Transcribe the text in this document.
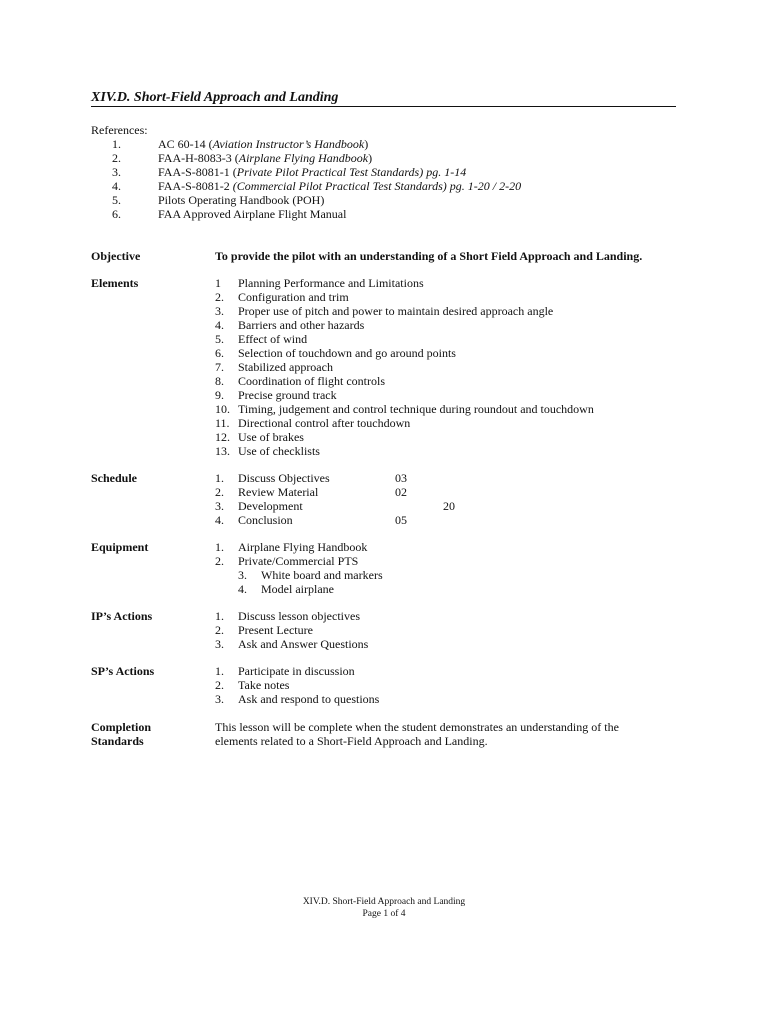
XIV.D. Short-Field Approach and Landing
References:
1.	AC 60-14 (Aviation Instructor’s Handbook)
2.	FAA-H-8083-3 (Airplane Flying Handbook)
3.	FAA-S-8081-1 (Private Pilot Practical Test Standards) pg. 1-14
4.	FAA-S-8081-2 (Commercial Pilot Practical Test Standards) pg. 1-20 / 2-20
5.	Pilots Operating Handbook (POH)
6.	FAA Approved Airplane Flight Manual
Objective	To provide the pilot with an understanding of a Short Field Approach and Landing.
Elements	1 Planning Performance and Limitations
2. Configuration and trim
3. Proper use of pitch and power to maintain desired approach angle
4. Barriers and other hazards
5. Effect of wind
6. Selection of touchdown and go around points
7. Stabilized approach
8. Coordination of flight controls
9. Precise ground track
10. Timing, judgement and control technique during roundout and touchdown
11. Directional control after touchdown
12. Use of brakes
13. Use of checklists
Schedule	1. Discuss Objectives	03
2. Review Material	02
3. Development	20
4. Conclusion	05
Equipment	1. Airplane Flying Handbook
2. Private/Commercial PTS
3. White board and markers
4. Model airplane
IP’s Actions	1. Discuss lesson objectives
2. Present Lecture
3. Ask and Answer Questions
SP’s Actions	1. Participate in discussion
2. Take notes
3. Ask and respond to questions
Completion
Standards
This lesson will be complete when the student demonstrates an understanding of the
elements related to a Short-Field Approach and Landing.
XIV.D. Short-Field Approach and Landing
Page 1 of 4
